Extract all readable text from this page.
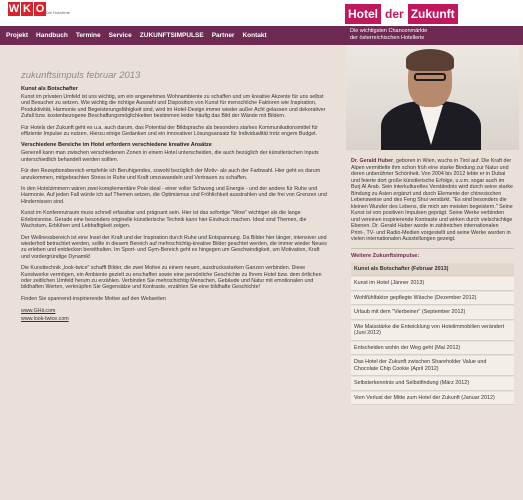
W K O Die Hotellerie	Hotel der Zukunft
Projekt Handbuch Termine Service ZUKUNFTSIMPULSE Partner Kontakt
Die wichtigsten Chancenmärkte
der österreichischen Hotellerie
zukunftsimpuls februar 2013
Kunst als Botschafter

Kunst im privaten Umfeld ist uns wichtig, um ein angenehmes Wohnambiente zu schaffen und um kreative Akzente für uns selbst und Besucher zu setzen. Wie wichtig die richtige Auswahl und Disposition von Kunst für menschliche Faktoren wie Inspiration, Produktivität, Harmonie und Begeisterungsfähigkeit sind, wird im Hotel-Design immer wieder außer Acht gelassen und dekorativer Zufall bzw. kostenbezogene Beschaffungsmöglichkeiten bestimmen leider häufig das Bild der Wände mit Bildern.

Für Hotels der Zukunft geht es u.a. auch darum, das Potential der Bildsprache als besonders starkes Kommunikationsmittel für effiziente Impulse zu nutzen. Hierzu einige Gedanken und ein innovativer Lösungsansatz für Individualität trotz engem Budget.

Verschiedene Bereiche im Hotel erfordern verschiedene kreative Ansätze

Generell kann man zwischen verschiedenen Zonen in einem Hotel unterscheiden, die auch bezüglich der künstlerischen Inputs unterschiedlich behandelt werden sollten.

Für den Rezeptionsbereich empfehle ich Beruhigendes, sowohl bezüglich der Motiv- als auch der Farbwahl. Hier geht es darum anzukommen, mitgebrachten Stress in Ruhe und Kraft umzuwandeln und Vertrauen zu schaffen.

In den Hotelzimmern wären zwei komplementäre Pole ideal - einer voller Schwung und Energie - und der andere für Ruhe und Harmonie. Auf jeden Fall würde ich auf Themen setzen, die Optimismus und Fröhlichkeit ausstrahlen und die frei von Grenzen und Hindernissen sind.

Kunst im Konferenzraum muss schnell erfassbar und prägnant sein. Hier ist das sofortige "Wow" wichtiger als die lange Erlebnisreise. Gerade eine besonders originelle künstlerische Technik kann hier Eindruck machen. Ideal sind Themen, die Wachstum, Erblühen und Lebhaftigkeit zeigen.

Der Wellnessbereich ist eine Insel der Kraft und der Inspiration durch Ruhe und Entspannung. Da Bilder hier länger, intensiver und wiederholt betrachtet werden, sollte in diesem Bereich auf mehrschichtig-kreative Bilder geachtet werden, die immer wieder Neues zu erleben und entdecken bereithalten. Im Sport- und Gym-Bereich geht es hingegen um Geschwindigkeit, um Motivation, Kraft und vordergründige Dynamik!

Die Kunsttechnik „look-twice" schafft Bilder, die zwei Motive zu einem neuen, ausdrucksstarken Ganzen verbinden. Diese Kunstwerke vermögen, ein Ambiente gezielt zu erschaffen sowie eine persönliche Geschichte zu Ihrem Hotel bzw. dem örtlichen oder zeitlichen Umfeld herum zu erzählen. Verbinden Sie mehrschichtig Menschen, Gebäude und Natur mit emotionalen und bildhaften Werten, verknüpfen Sie Gegensätze und Kontraste, erzählen Sie eine bildhafte Geschichte!

Finden Sie spannend-inspirierende Motive auf den Webseiten

www.GHii.com
www.look-twice.com
Dr. Gerald Huber, geboren in Wien, wuchs in Tirol auf. Die Kraft der Alpen vermittelte ihm schon früh eine starke Bindung zur Natur und deren unberührter Schönheit. Von 2004 bis 2012 lebte er in Dubai und feierte dort große künstlerische Erfolge, u.v.m. sogar auch im Burj Al Arab. Sein interkulturelles Verständnis wird durch seine starke Bindung zu Asien ergänzt und durch Elemente der chinesischen Lebensweise und des Feng Shui verstärkt. "Es sind besonders die kleinen Wunder des Lebens, die mich am meisten begeistern." Seine Kunst ist von positiven Impulsen geprägt. Seine Werke verbinden und vereinen inspirierende Kontraste und wirken durch vielschichtige Ebenen. Dr. Gerald Huber wurde in zahlreichen internationalen Print-, TV- und Radio-Medien vorgestellt und seine Werke wurden in vielen internationalen Ausstellungen gezeigt.
Weitere Zukunftsimpulse:
Kunst als Botschafter (Februar 2013)
Kunst im Hotel (Jänner 2013)
Wohlfühlfaktor gepflegte Wäsche (Dezember 2012)
Urlaub mit dem "Vierbeiner" (September 2012)
Wie Maisstärke die Entwicklung von Hotelimmobilien verändert (Juni 2012)
Entscheiden wohin der Weg geht (Mai 2012)
Das Hotel der Zukunft zwischen Shareholder Value und Chocolate Chip Cookie (April 2012)
Selbsterkenntnis und Selbstfindung (März 2012)
Vom Verlust der Mitte zum Hotel der Zukunft (Januar 2012)
